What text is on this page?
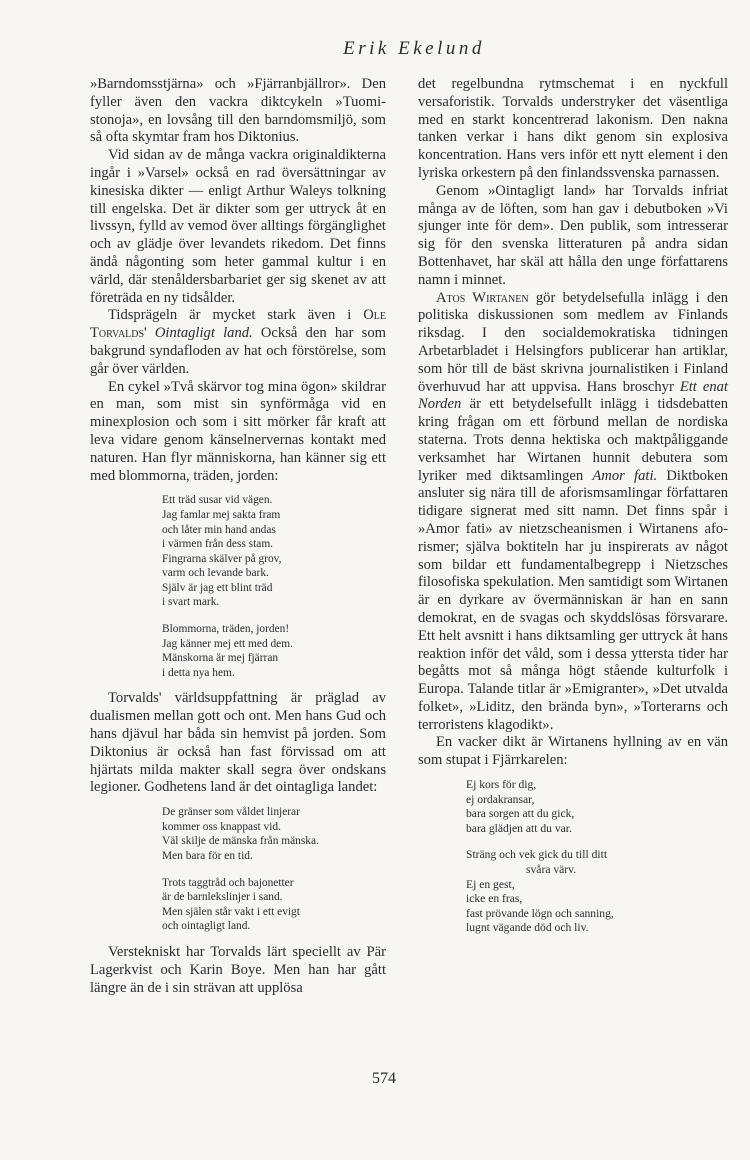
Erik Ekelund

»Barndomsstjärna» och »Fjärranbjällror». Den fyller även den vackra diktcykeln »Tuomistonoja», en lovsång till den barndomsmiljö, som så ofta skymtar fram hos Diktonius.

Vid sidan av de många vackra originaldikterna ingår i »Varsel» också en rad översättningar av kinesiska dikter — enligt Arthur Waleys tolkning till engelska. Det är dikter som ger uttryck åt en livssyn, fylld av vemod över alltings förgänglighet och av glädje över levandets rikedom. Det finns ändå någonting som heter gammal kultur i en värld, där stenåldersbarbariet ger sig skenet av att företräda en ny tidsålder.

Tidsprägeln är mycket stark även i Ole Torvalds' Ointagligt land. Också den har som bakgrund syndafloden av hat och förstörelse, som går över världen.

En cykel »Två skärvor tog mina ögon» skildrar en man, som mist sin synförmåga vid en minexplosion och som i sitt mörker får kraft att leva vidare genom känselnervernas kontakt med naturen. Han flyr människorna, han känner sig ett med blommorna, träden, jorden:

Ett träd susar vid vägen.
Jag famlar mej sakta fram
och låter min hand andas
i värmen från dess stam.
Fingrarna skälver på grov,
varm och levande bark.
Själv är jag ett blint träd
i svart mark.
Blommorna, träden, jorden!
Jag känner mej ett med dem.
Mänskorna är mej fjärran
i detta nya hem.

Torvalds' världsuppfattning är präglad av dualismen mellan gott och ont. Men hans Gud och hans djävul har båda sin hemvist på jorden. Som Diktonius är också han fast förvissad om att hjärtats milda makter skall segra över ondskans legioner. Godhetens land är det ointagliga landet:

De gränser som våldet linjerar
kommer oss knappast vid.
Väl skilje de mänska från mänska.
Men bara för en tid.
Trots taggtråd och bajonetter
är de barnlekslinjer i sand.
Men själen står vakt i ett evigt
och ointagligt land.

Verstekniskt har Torvalds lärt speciellt av Pär Lagerkvist och Karin Boye. Men han har gått längre än de i sin strävan att upplösa

det regelbundna rytmschemat i en nyckfull versaforistik. Torvalds understryker det väsentliga med en starkt koncentrerad lakonism. Den nakna tanken verkar i hans dikt genom sin explosiva koncentration. Hans vers inför ett nytt element i den lyriska orkestern på den finlandssvenska parnassen.

Genom »Ointagligt land» har Torvalds infriat många av de löften, som han gav i debutboken »Vi sjunger inte för dem». Den publik, som intresserar sig för den svenska litteraturen på andra sidan Bottenhavet, har skäl att hålla den unge författarens namn i minnet.

Atos Wirtanen gör betydelsefulla inlägg i den politiska diskussionen som medlem av Finlands riksdag. I den socialdemokratiska tidningen Arbetarbladet i Helsingfors publicerar han artiklar, som hör till de bäst skrivna journalistiken i Finland överhuvud har att uppvisa. Hans broschyr Ett enat Norden är ett betydelsefullt inlägg i tidsdebatten kring frågan om ett förbund mellan de nordiska staterna. Trots denna hektiska och maktpåliggande verksamhet har Wirtanen hunnit debutera som lyriker med diktsamlingen Amor fati. Diktboken ansluter sig nära till de aforismsamlingar författaren tidigare signerat med sitt namn. Det finns spår i »Amor fati» av nietzscheanismen i Wirtanens aforismer; själva boktiteln har ju inspirerats av något som bildar ett fundamentalbegrepp i Nietzsches filosofiska spekulation. Men samtidigt som Wirtanen är en dyrkare av övermänniskan är han en sann demokrat, en de svagas och skyddslösas försvarare. Ett helt avsnitt i hans diktsamling ger uttryck åt hans reaktion inför det våld, som i dessa yttersta tider har begåtts mot så många högt stående kulturfolk i Europa. Talande titlar är »Emigranter», »Det utvalda folket», »Liditz, den brända byn», »Torterarns och terroristens klagodikt».

En vacker dikt är Wirtanens hyllning av en vän som stupat i Fjärrkarelen:

Ej kors för dig,
ej ordakransar,
bara sorgen att du gick,
bara glädjen att du var.
Sträng och vek gick du till ditt
svåra värv.
Ej en gest,
icke en fras,
fast prövande lögn och sanning,
lugnt vägande död och liv.
574
